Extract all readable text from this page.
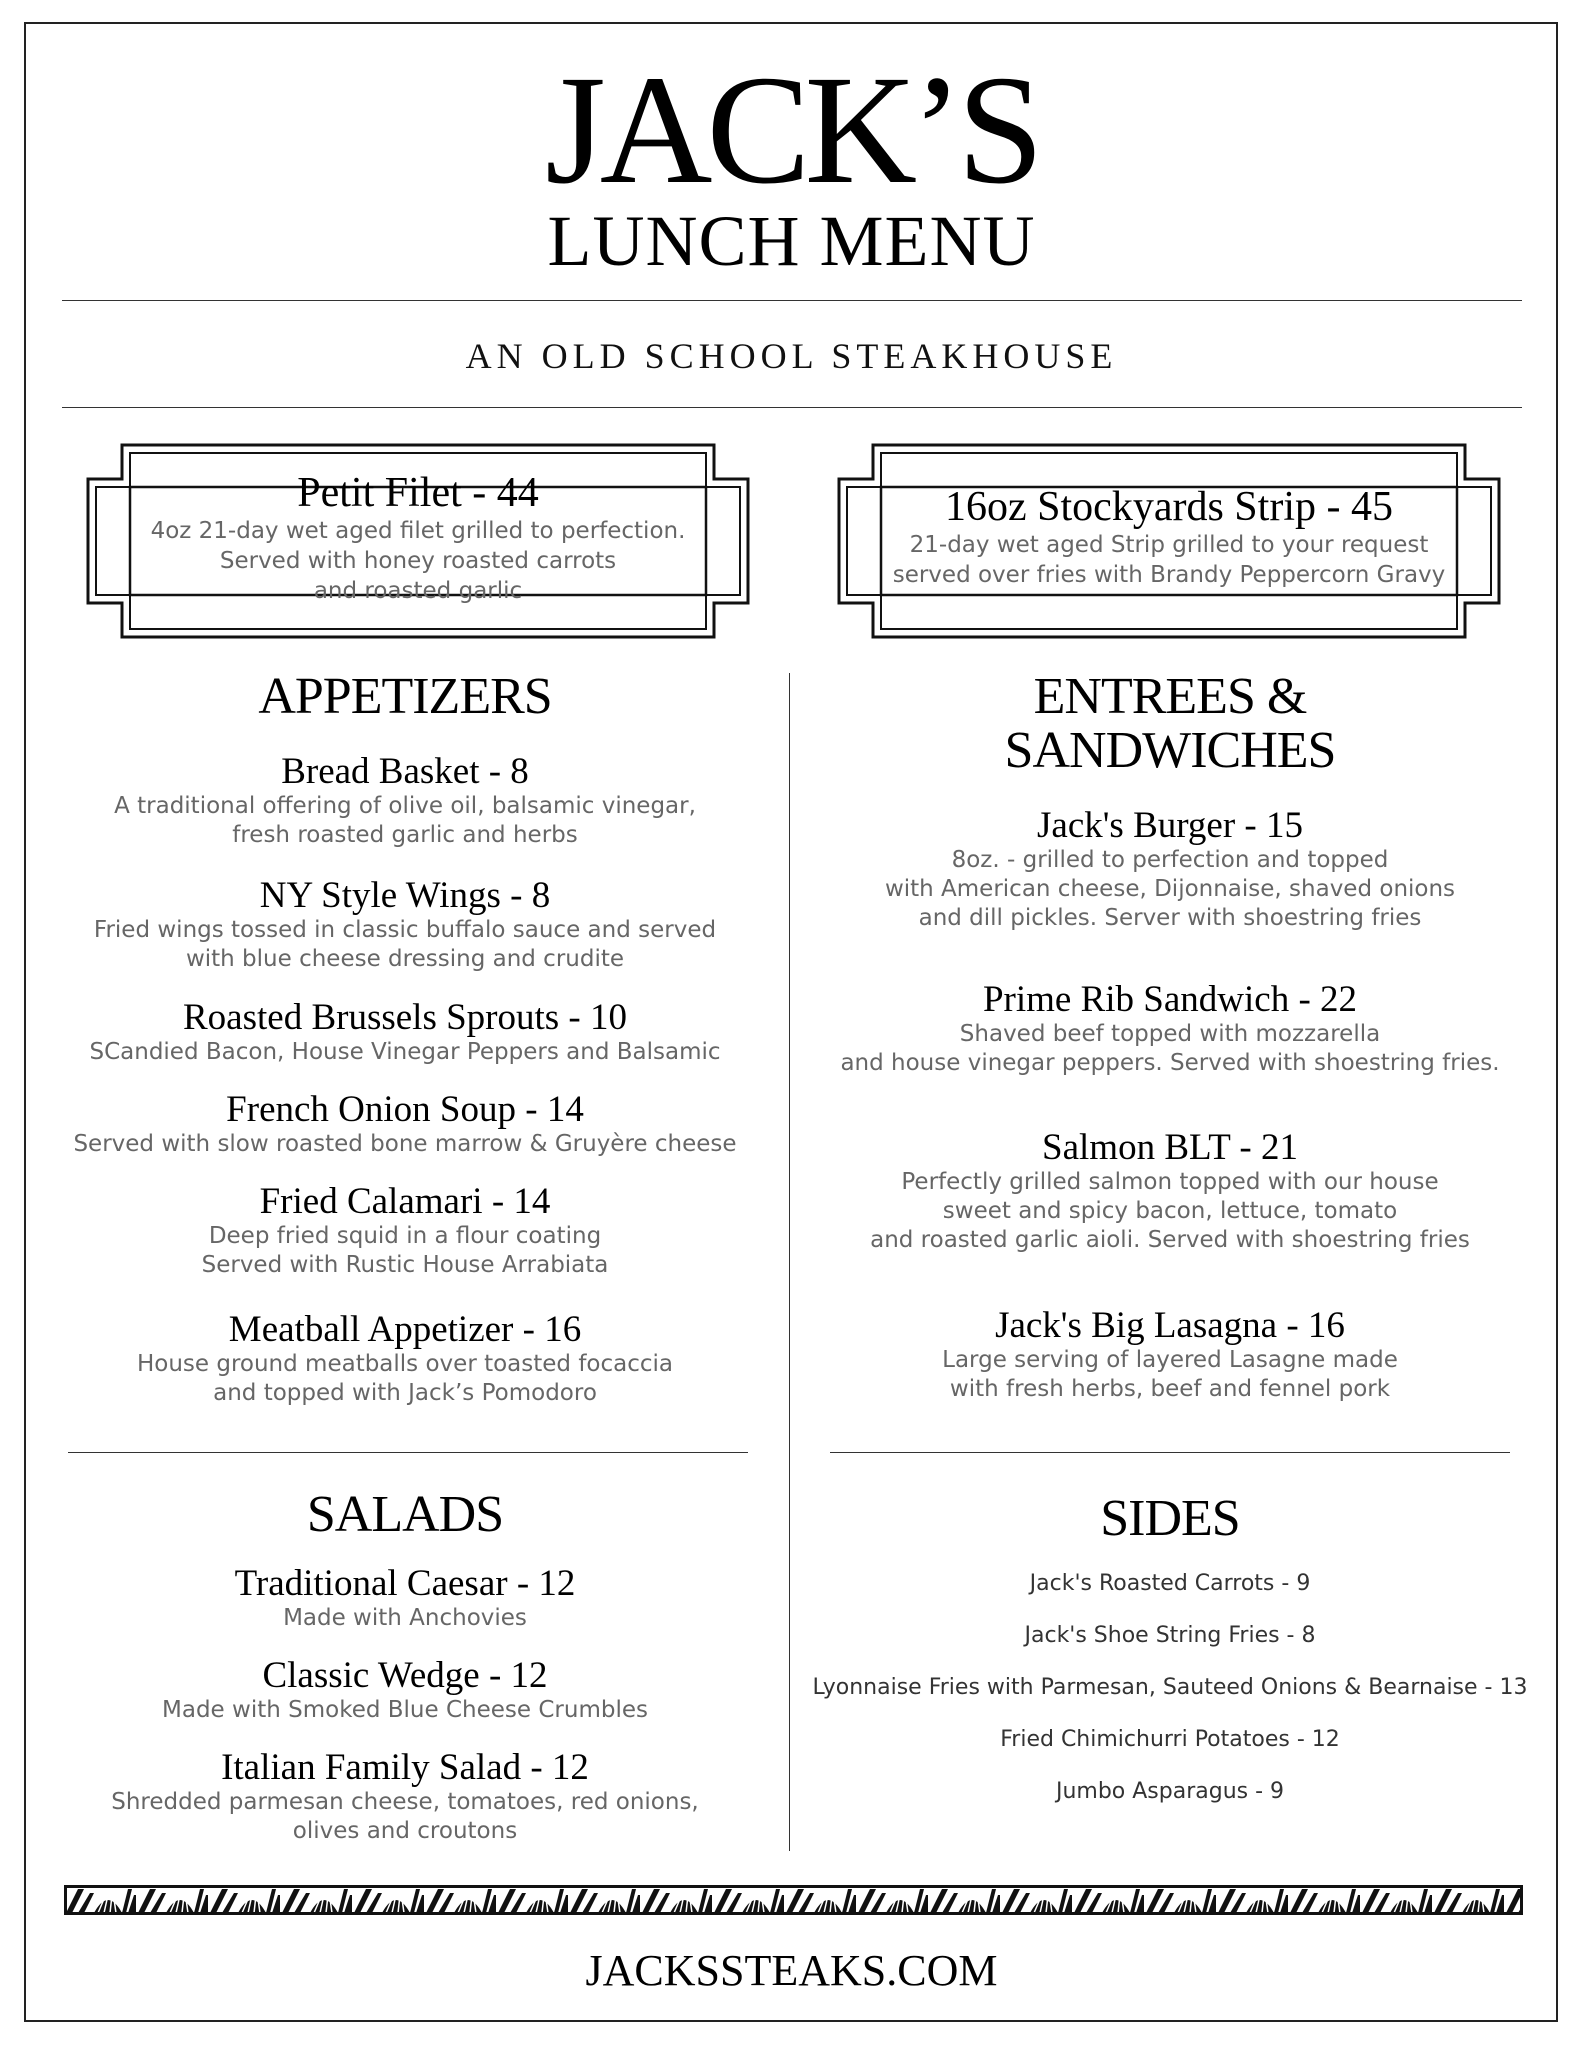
JACK’S
LUNCH MENU
AN OLD SCHOOL STEAKHOUSE
Petit Filet - 44
4oz 21-day wet aged filet grilled to perfection.
Served with honey roasted carrots
and roasted garlic
16oz Stockyards Strip - 45
21-day wet aged Strip grilled to your request
served over fries with Brandy Peppercorn Gravy
APPETIZERS
Bread Basket - 8
A traditional offering of olive oil, balsamic vinegar,
fresh roasted garlic and herbs
NY Style Wings - 8
Fried wings tossed in classic buffalo sauce and served
with blue cheese dressing and crudite
Roasted Brussels Sprouts - 10
SCandied Bacon, House Vinegar Peppers and Balsamic
French Onion Soup - 14
Served with slow roasted bone marrow & Gruyère cheese
Fried Calamari - 14
Deep fried squid in a flour coating
Served with Rustic House Arrabiata
Meatball Appetizer - 16
House ground meatballs over toasted focaccia
and topped with Jack’s Pomodoro
SALADS
Traditional Caesar - 12
Made with Anchovies
Classic Wedge - 12
Made with Smoked Blue Cheese Crumbles
Italian Family Salad - 12
Shredded parmesan cheese, tomatoes, red onions,
olives and croutons
ENTREES &
SANDWICHES
Jack's Burger - 15
8oz. - grilled to perfection and topped
with American cheese, Dijonnaise, shaved onions
and dill pickles. Server with shoestring fries
Prime Rib Sandwich - 22
Shaved beef topped with mozzarella
and house vinegar peppers. Served with shoestring fries.
Salmon BLT - 21
Perfectly grilled salmon topped with our house
sweet and spicy bacon, lettuce, tomato
and roasted garlic aioli. Served with shoestring fries
Jack's Big Lasagna - 16
Large serving of layered Lasagne made
with fresh herbs, beef and fennel pork
SIDES
Jack's Roasted Carrots - 9
Jack's Shoe String Fries - 8
Lyonnaise Fries with Parmesan, Sauteed Onions & Bearnaise - 13
Fried Chimichurri Potatoes - 12
Jumbo Asparagus - 9
JACKSSTEAKS.COM
